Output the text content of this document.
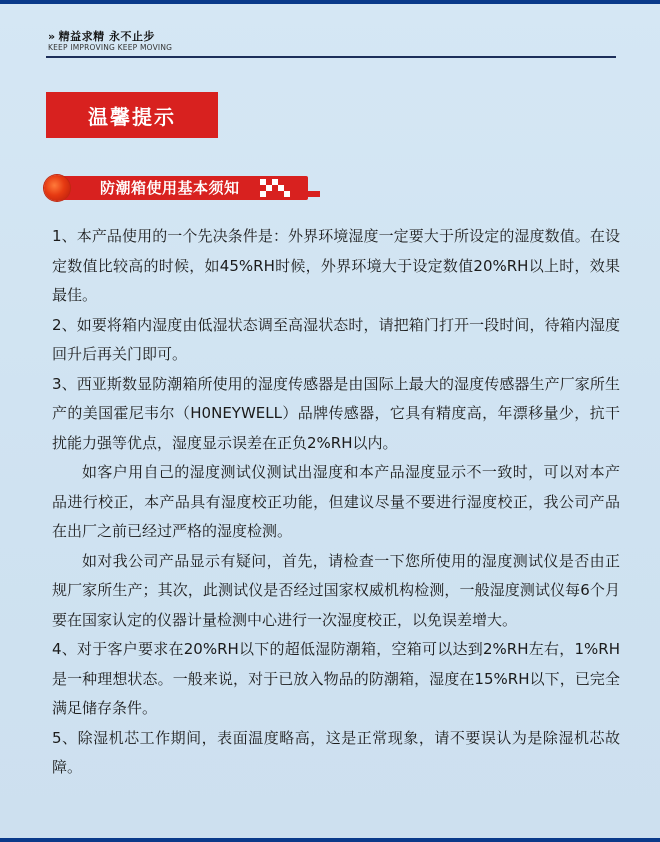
» 精益求精 永不止步
KEEP IMPROVING KEEP MOVING
温馨提示
防潮箱使用基本须知

1、本产品使用的一个先决条件是：外界环境湿度一定要大于所设定的湿度数值。在设定数值比较高的时候，如45%RH时候，外界环境大于设定数值20%RH以上时，效果最佳。

2、如要将箱内湿度由低湿状态调至高湿状态时，请把箱门打开一段时间，待箱内湿度回升后再关门即可。

3、西亚斯数显防潮箱所使用的湿度传感器是由国际上最大的湿度传感器生产厂家所生产的美国霍尼韦尔（H0NEYWELL）品牌传感器，它具有精度高，年漂移量少，抗干扰能力强等优点，湿度显示误差在正负2%RH以内。

如客户用自己的湿度测试仪测试出湿度和本产品湿度显示不一致时，可以对本产品进行校正，本产品具有湿度校正功能，但建议尽量不要进行湿度校正，我公司产品在出厂之前已经过严格的湿度检测。

如对我公司产品显示有疑问，首先，请检查一下您所使用的湿度测试仪是否由正规厂家所生产；其次，此测试仪是否经过国家权威机构检测，一般湿度测试仪每6个月要在国家认定的仪器计量检测中心进行一次湿度校正，以免误差增大。

4、对于客户要求在20%RH以下的超低湿防潮箱，空箱可以达到2%RH左右，1%RH是一种理想状态。一般来说，对于已放入物品的防潮箱，湿度在15%RH以下，已完全满足储存条件。

5、除湿机芯工作期间，表面温度略高，这是正常现象，请不要误认为是除湿机芯故障。
